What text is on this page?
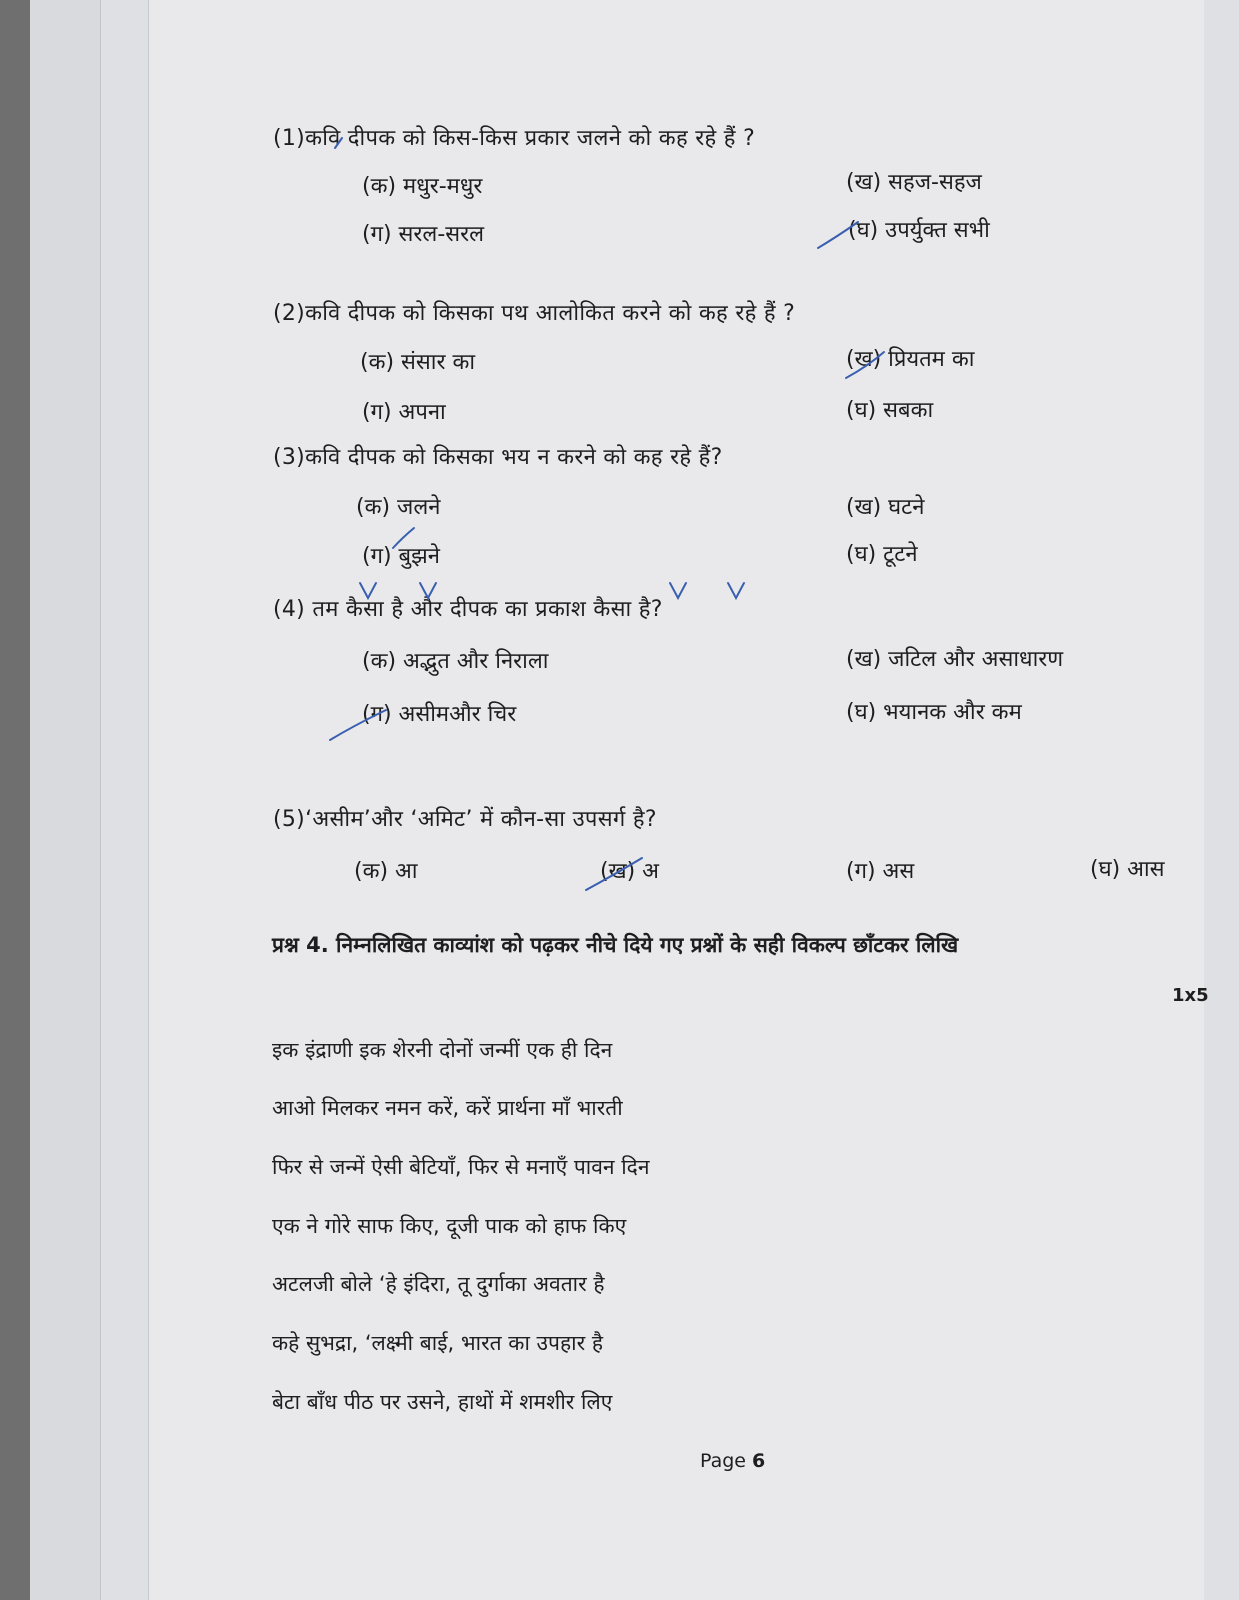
(1)कवि दीपक को किस-किस प्रकार जलने को कह रहे हैं ?
(क) मधुर-मधुर	(ख) सहज-सहज
(ग) सरल-सरल	(घ) उपर्युक्त सभी
(2)कवि दीपक को किसका पथ आलोकित करने को कह रहे हैं ?
(क) संसार का	(ख) प्रियतम का
(ग) अपना	(घ) सबका
(3)कवि दीपक को किसका भय न करने को कह रहे हैं?
(क) जलने	(ख) घटने
(ग) बुझने	(घ) टूटने
(4) तम कैसा है और दीपक का प्रकाश कैसा है?
(क) अद्भुत और निराला	(ख) जटिल और असाधारण
(ग) असीमऔर चिर	(घ) भयानक और कम
(5)‘असीम’और ‘अमिट’ में कौन-सा उपसर्ग है?
(क) आ	(ख) अ	(ग) अस	(घ) आस
प्रश्न 4. निम्नलिखित काव्यांश को पढ़कर नीचे दिये गए प्रश्नों के सही विकल्प छाँटकर लिखि
1x5
इक इंद्राणी इक शेरनी दोनों जन्मीं एक ही दिन
आओ मिलकर नमन करें, करें प्रार्थना माँ भारती
फिर से जन्में ऐसी बेटियाँ, फिर से मनाएँ पावन दिन
एक ने गोरे साफ किए, दूजी पाक को हाफ किए
अटलजी बोले ‘हे इंदिरा, तू दुर्गाका अवतार है
कहे सुभद्रा, ‘लक्ष्मी बाई, भारत का उपहार है
बेटा बाँध पीठ पर उसने, हाथों में शमशीर लिए
Page 6
